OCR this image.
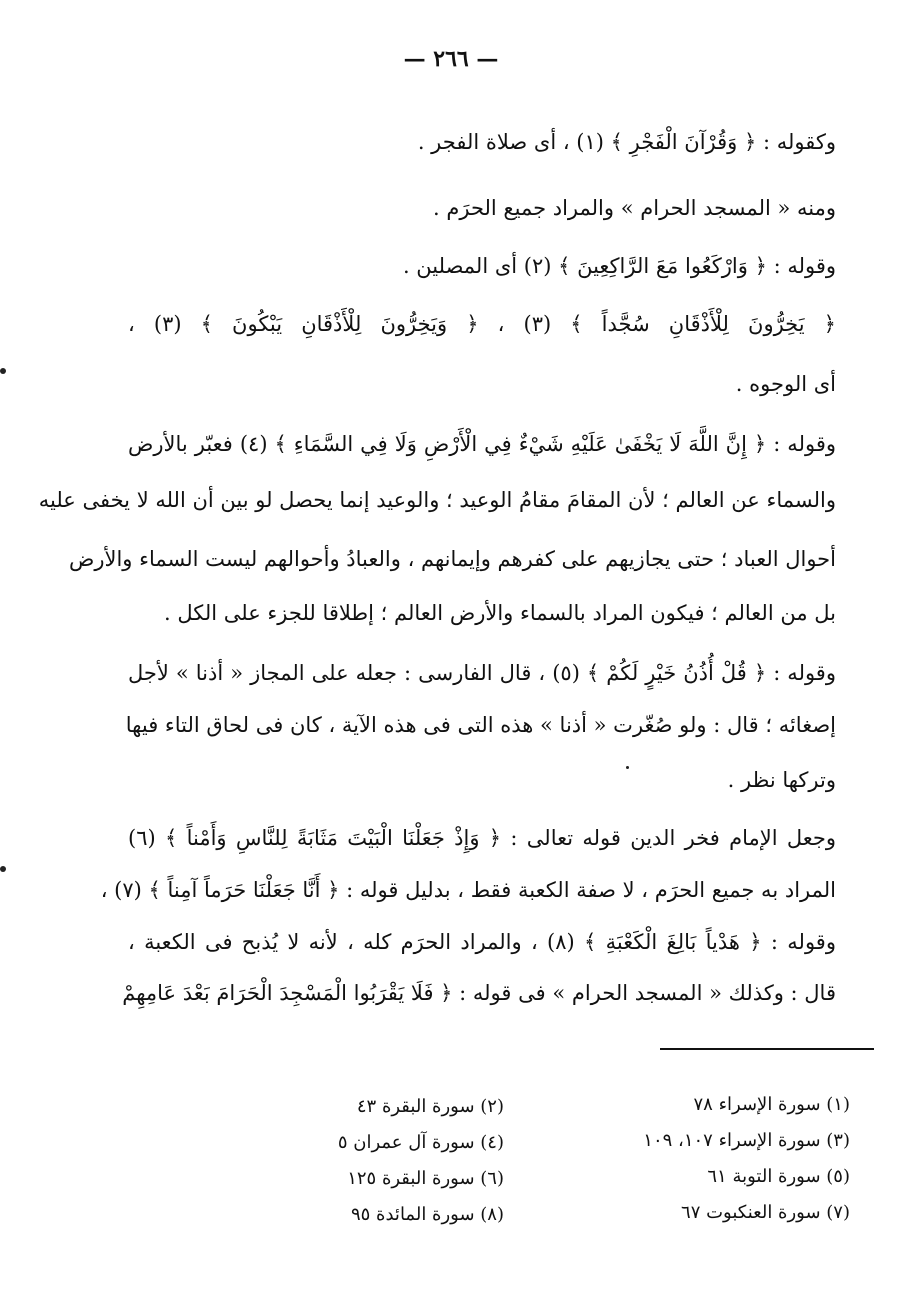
— ٢٦٦ —
وكقوله : ﴿ وَقُرْآنَ الْفَجْرِ ﴾ (١) ، أى صلاة الفجر .
ومنه « المسجد الحرام » والمراد جميع الحرَم .
وقوله : ﴿ وَارْكَعُوا مَعَ الرَّاكِعِينَ ﴾ (٢) أى المصلين .
﴿ يَخِرُّونَ لِلْأَذْقَانِ سُجَّداً ﴾ (٣) ، ﴿ وَيَخِرُّونَ لِلْأَذْقَانِ يَبْكُونَ ﴾ (٣) ،
أى الوجوه .
وقوله : ﴿ إِنَّ اللَّهَ لَا يَخْفَىٰ عَلَيْهِ شَيْءٌ فِي الْأَرْضِ وَلَا فِي السَّمَاءِ ﴾ (٤) فعبّر بالأرض
والسماء عن العالم ؛ لأن المقامَ مقامُ الوعيد ؛ والوعيد إنما يحصل لو بين أن الله لا يخفى عليه
أحوال العباد ؛ حتى يجازيهم على كفرهم وإيمانهم ، والعبادُ وأحوالهم ليست السماء والأرض
بل من العالم ؛ فيكون المراد بالسماء والأرض العالم ؛ إطلاقا للجزء على الكل .
وقوله : ﴿ قُلْ أُذُنُ خَيْرٍ لَكُمْ ﴾ (٥) ، قال الفارسى : جعله على المجاز « أذنا » لأجل
إصغائه ؛ قال : ولو صُغّرت « أذنا » هذه التى فى هذه الآية ، كان فى لحاق التاء فيها
وتركها نظر .
وجعل الإمام فخر الدين قوله تعالى : ﴿ وَإِذْ جَعَلْنَا الْبَيْتَ مَثَابَةً لِلنَّاسِ وَأَمْناً ﴾ (٦)
المراد به جميع الحرَم ، لا صفة الكعبة فقط ، بدليل قوله : ﴿ أَنَّا جَعَلْنَا حَرَماً آمِناً ﴾ (٧) ،
وقوله : ﴿ هَدْياً بَالِغَ الْكَعْبَةِ ﴾ (٨) ، والمراد الحرَم كله ، لأنه لا يُذبح فى الكعبة ،
قال : وكذلك « المسجد الحرام » فى قوله : ﴿ فَلَا يَقْرَبُوا الْمَسْجِدَ الْحَرَامَ بَعْدَ عَامِهِمْ
(١) سورة الإسراء ٧٨
(٣) سورة الإسراء ١٠٧، ١٠٩
(٥) سورة التوبة ٦١
(٧) سورة العنكبوت ٦٧
(٢) سورة البقرة ٤٣
(٤) سورة آل عمران ٥
(٦) سورة البقرة ١٢٥
(٨) سورة المائدة ٩٥
